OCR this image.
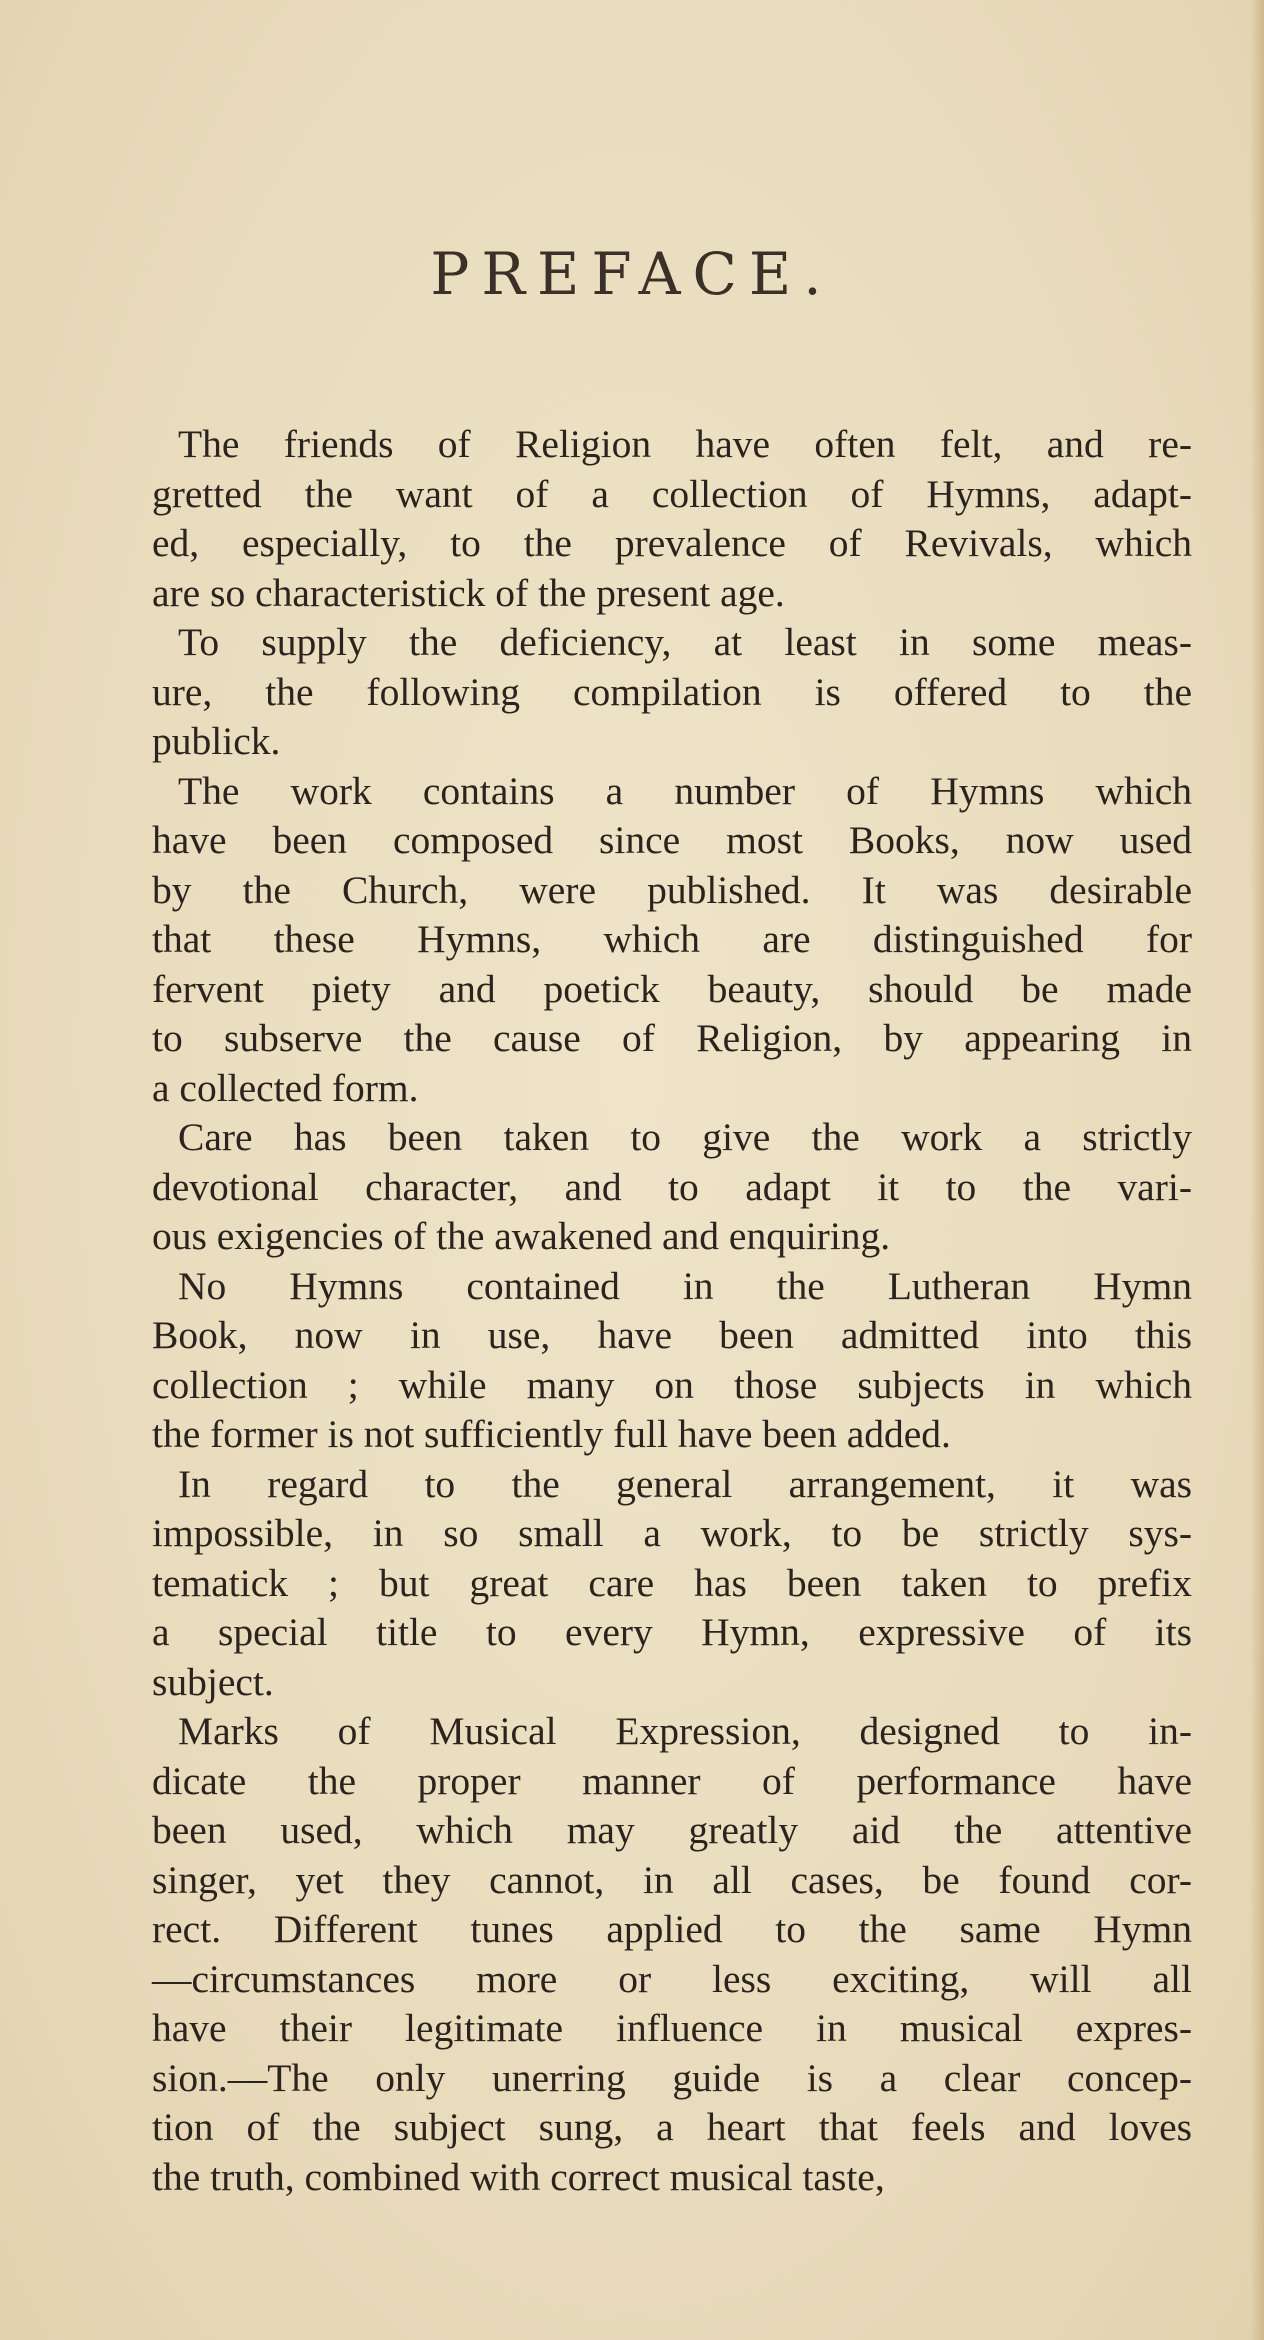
PREFACE.
The friends of Religion have often felt, and re-
gretted the want of a collection of Hymns, adapt-
ed, especially, to the prevalence of Revivals, which
are so characteristick of the present age.
To supply the deficiency, at least in some meas-
ure, the following compilation is offered to the
publick.
The work contains a number of Hymns which
have been composed since most Books, now used
by the Church, were published. It was desirable
that these Hymns, which are distinguished for
fervent piety and poetick beauty, should be made
to subserve the cause of Religion, by appearing in
a collected form.
Care has been taken to give the work a strictly
devotional character, and to adapt it to the vari-
ous exigencies of the awakened and enquiring.
No Hymns contained in the Lutheran Hymn
Book, now in use, have been admitted into this
collection ; while many on those subjects in which
the former is not sufficiently full have been added.
In regard to the general arrangement, it was
impossible, in so small a work, to be strictly sys-
tematick ; but great care has been taken to prefix
a special title to every Hymn, expressive of its
subject.
Marks of Musical Expression, designed to in-
dicate the proper manner of performance have
been used, which may greatly aid the attentive
singer, yet they cannot, in all cases, be found cor-
rect. Different tunes applied to the same Hymn
—circumstances more or less exciting, will all
have their legitimate influence in musical expres-
sion.—The only unerring guide is a clear concep-
tion of the subject sung, a heart that feels and loves
the truth, combined with correct musical taste,
